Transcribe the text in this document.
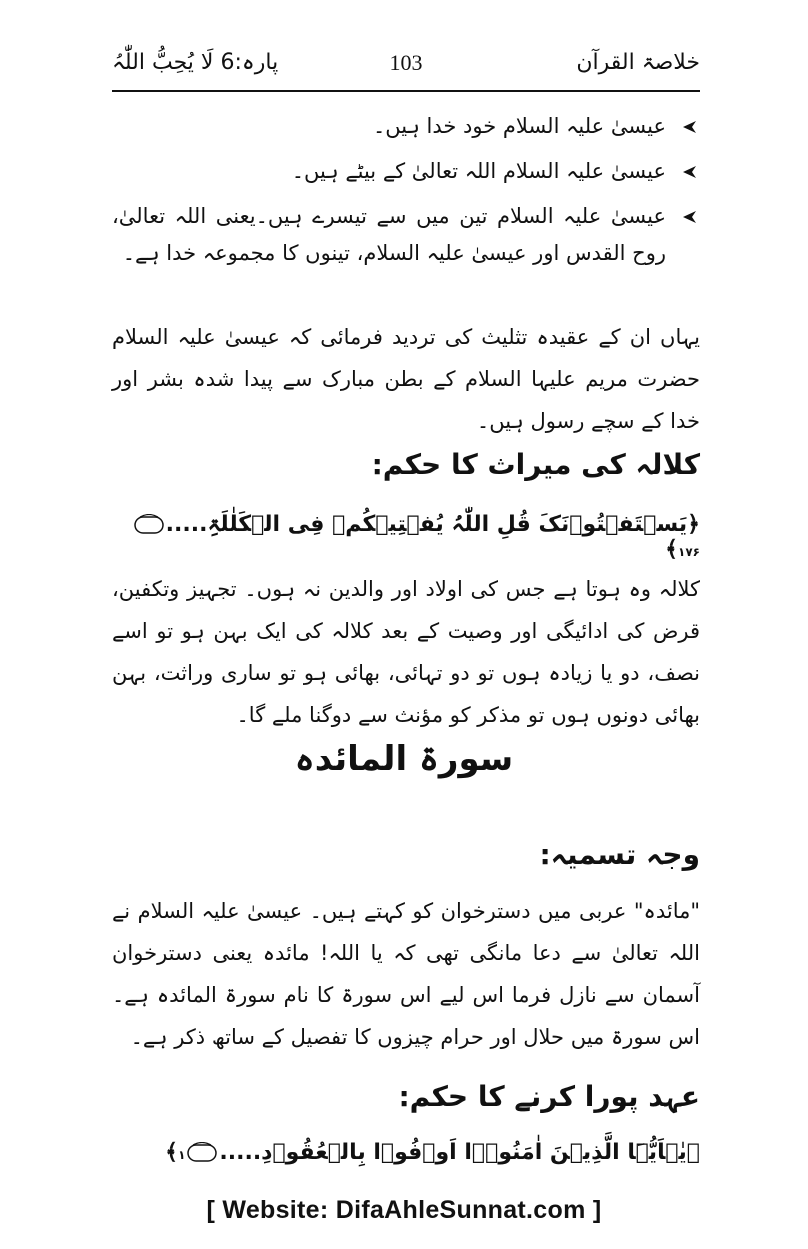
خلاصۃ القرآن
103
پارہ:6 لَا یُحِبُّ اللّٰہُ
عیسیٰ علیہ السلام خود خدا ہیں۔
عیسیٰ علیہ السلام اللہ تعالیٰ کے بیٹے ہیں۔
عیسیٰ علیہ السلام تین میں سے تیسرے ہیں۔یعنی اللہ تعالیٰ، روح القدس اور عیسیٰ علیہ السلام، تینوں کا مجموعہ خدا ہے۔

یہاں ان کے عقیدہ تثلیث کی تردید فرمائی کہ عیسیٰ علیہ السلام حضرت مریم علیہا السلام کے بطن مبارک سے پیدا شدہ بشر اور خدا کے سچے رسول ہیں۔

کلالہ کی میراث کا حکم:

﴿یَسۡتَفۡتُوۡنَکَ قُلِ اللّٰہُ یُفۡتِیۡکُمۡ فِی الۡکَلٰلَۃِ.....۱۷۶﴾

کلالہ وہ ہوتا ہے جس کی اولاد اور والدین نہ ہوں۔ تجہیز وتکفین، قرض کی ادائیگی اور وصیت کے بعد کلالہ کی ایک بہن ہو تو اسے نصف، دو یا زیادہ ہوں تو دو تہائی، بھائی ہو تو ساری وراثت، بہن بھائی دونوں ہوں تو مذکر کو مؤنث سے دوگنا ملے گا۔

سورۃ المائدہ
وجہ تسمیہ:

"مائدہ" عربی میں دسترخوان کو کہتے ہیں۔ عیسیٰ علیہ السلام نے اللہ تعالیٰ سے دعا مانگی تھی کہ یا اللہ! مائدہ یعنی دسترخوان آسمان سے نازل فرما اس لیے اس سورۃ کا نام سورۃ المائدہ ہے۔ اس سورۃ میں حلال اور حرام چیزوں کا تفصیل کے ساتھ ذکر ہے۔

عہد پورا کرنے کا حکم:

﴿یٰۤاَیُّہَا الَّذِیۡنَ اٰمَنُوۡۤا اَوۡفُوۡا بِالۡعُقُوۡدِ.....۱﴾

[ Website: DifaAhleSunnat.com ]
